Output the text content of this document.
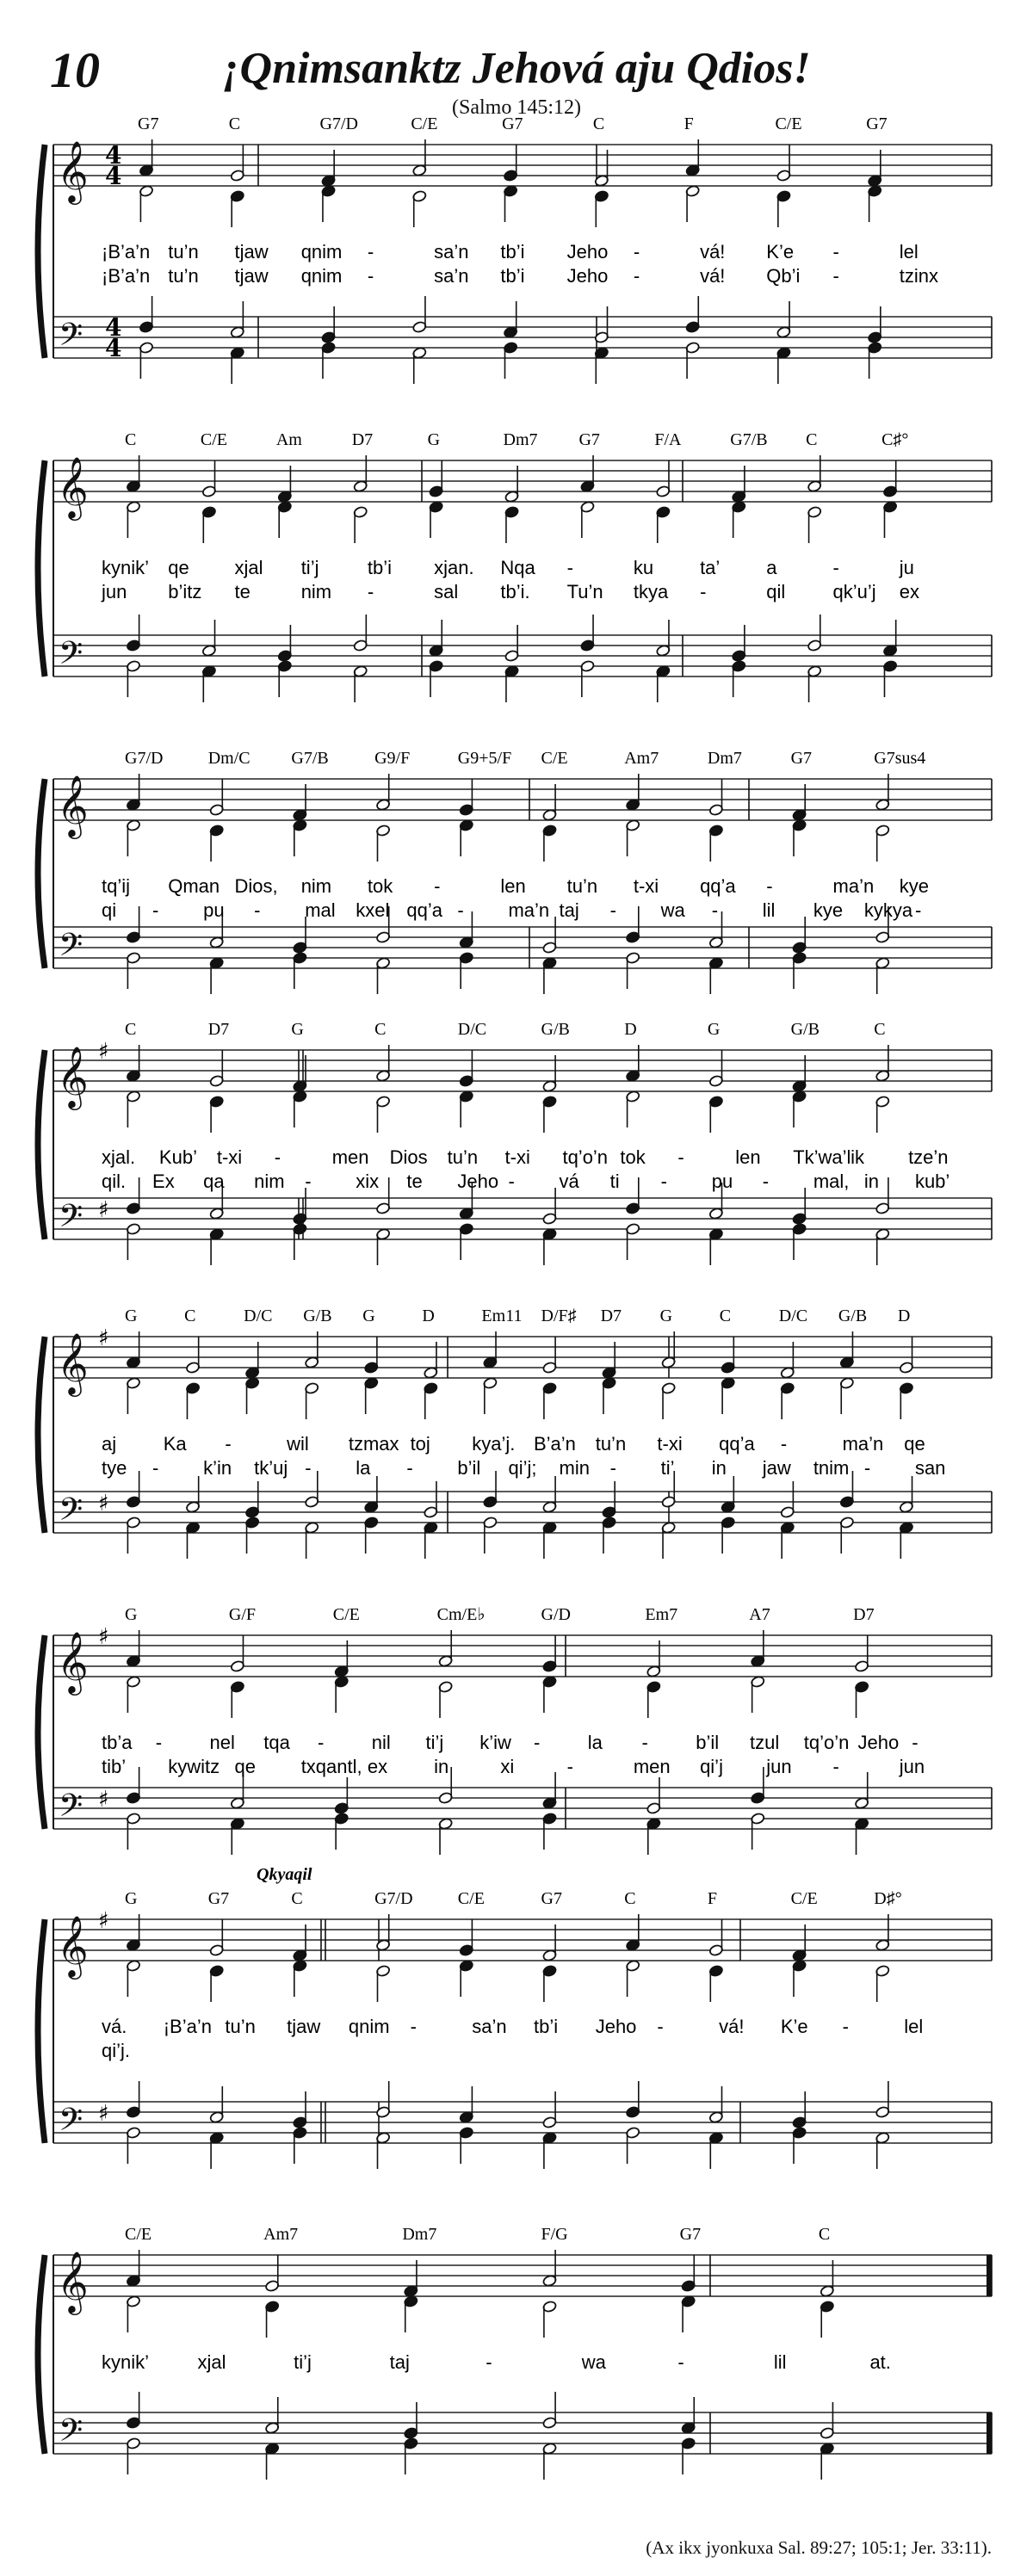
10	¡Qnimsanktz Jehová aju Qdios!
(Salmo 145:12)
𝄞
𝄢
4
4
4
4
G7	C	G7/D	C/E	G7	C	F	C/E	G7
¡B’a’n tu’n tjaw qnim -	sa’n tb’i Jeho -	vá! K’e -	lel
¡B’a’n tu’n tjaw qnim -	sa’n tb’i Jeho -	vá! Qb’i -	tzinx
𝄞
𝄢
C	C/E	Am	D7	G	Dm7 G7	F/A	G7/B C	C♯°
kynik’ qe xjal ti’j	tb’i xjan. Nqa -	ku ta’ a	-	ju
jun b’itz te	nim -	sal tb’i. Tu’n tkya -	qil	qk’u’j ex
𝄞
𝄢
G7/D	Dm/C G7/B	G9/F	G9+5/F C/E	Am7	Dm7	G7	G7sus4
tq’ij Qman Dios, nim tok -	len tu’n t-xi qq’a -	ma’n kye
qi - pu - mal kxel qq’a - ma’n taj - wa - lil kye kykya -
𝄞
𝄢
♯
♯
C	D7	G	C	D/C	G/B	D	G	G/B	C
xjal. Kub’ t-xi -	men Dios tu’n t-xi tq’o’n tok -	len Tk’wa’l ik tze’n
qil. Ex qa nim - xix te Jeho - vá ti - pu - mal, in kub’
𝄞
𝄢
♯
♯
G	C	D/C G/B G	D	Em11 D/F♯ D7 G	C	D/C G/B D
aj Ka -	wil tzmax toj kya’j. B’a’n tu’n t-xi qq’a -	ma’n qe
tye - k’in tk’uj - la - b’il qi’j; min - ti’ in jaw tnim - san
𝄞
𝄢
♯
♯
G	G/F	C/E	Cm/E♭	G/D	Em7	A7	D7
tb’a -	nel tqa -	nil ti’j k’iw -	la -	b’il tzul tq’o’n Jeho -
tib’ kywitz qe txqantl, ex in	xi	-	men qi’j jun -	jun
𝄞
𝄢
♯
♯
G	G7	C	G7/D	C/E	G7	C	F	C/E	D♯°
Qkyaqil
vá. ¡B’a’n tu’n tjaw qnim -	sa’n tb’i Jeho -	vá! K’e -	lel
qi’j.
𝄞
𝄢
C/E	Am7	Dm7	F/G	G7	C
kynik’	xjal	ti’j	taj	-	wa	-	lil	at.
(Ax ikx jyonkuxa Sal. 89:27; 105:1; Jer. 33:11).
